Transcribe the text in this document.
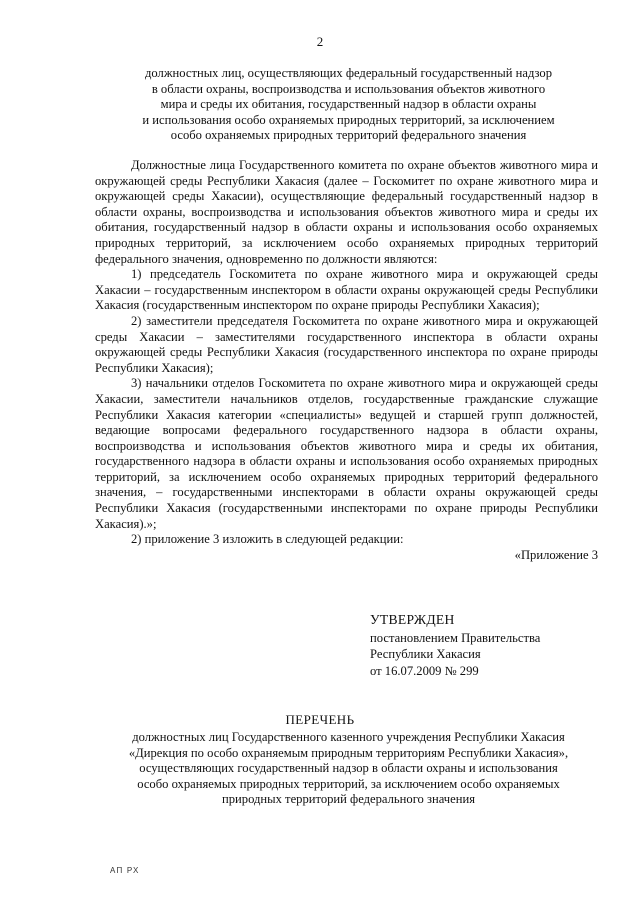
2
должностных лиц, осуществляющих федеральный государственный надзор
в области охраны, воспроизводства и использования объектов животного
мира и среды их обитания, государственный надзор в области охраны
и использования особо охраняемых природных территорий, за исключением
особо охраняемых природных территорий федерального значения

Должностные лица Государственного комитета по охране объектов животного мира и окружающей среды Республики Хакасия (далее – Госкомитет по охране животного мира и окружающей среды Хакасии), осуществляющие федеральный государственный надзор в области охраны, воспроизводства и использования объектов животного мира и среды их обитания, государственный надзор в области охраны и использования особо охраняемых природных территорий, за исключением особо охраняемых природных территорий федерального значения, одновременно по должности являются:

1) председатель Госкомитета по охране животного мира и окружающей среды Хакасии – государственным инспектором в области охраны окружающей среды Республики Хакасия (государственным инспектором по охране природы Республики Хакасия);

2) заместители председателя Госкомитета по охране животного мира и окружающей среды Хакасии – заместителями государственного инспектора в области охраны окружающей среды Республики Хакасия (государственного инспектора по охране природы Республики Хакасия);

3) начальники отделов Госкомитета по охране животного мира и окружающей среды Хакасии, заместители начальников отделов, государственные гражданские служащие Республики Хакасия категории «специалисты» ведущей и старшей групп должностей, ведающие вопросами федерального государственного надзора в области охраны, воспроизводства и использования объектов животного мира и среды их обитания, государственного надзора в области охраны и использования особо охраняемых природных территорий, за исключением особо охраняемых природных территорий федерального значения, – государственными инспекторами в области охраны окружающей среды Республики Хакасия (государственными инспекторами по охране природы Республики Хакасия).»;

2) приложение 3 изложить в следующей редакции:

«Приложение 3

УТВЕРЖДЕН
постановлением Правительства
Республики Хакасия
от 16.07.2009 № 299
ПЕРЕЧЕНЬ
должностных лиц Государственного казенного учреждения Республики Хакасия
«Дирекция по особо охраняемым природным территориям Республики Хакасия»,
осуществляющих государственный надзор в области охраны и использования
особо охраняемых природных территорий, за исключением особо охраняемых
природных территорий федерального значения
АП РХ
